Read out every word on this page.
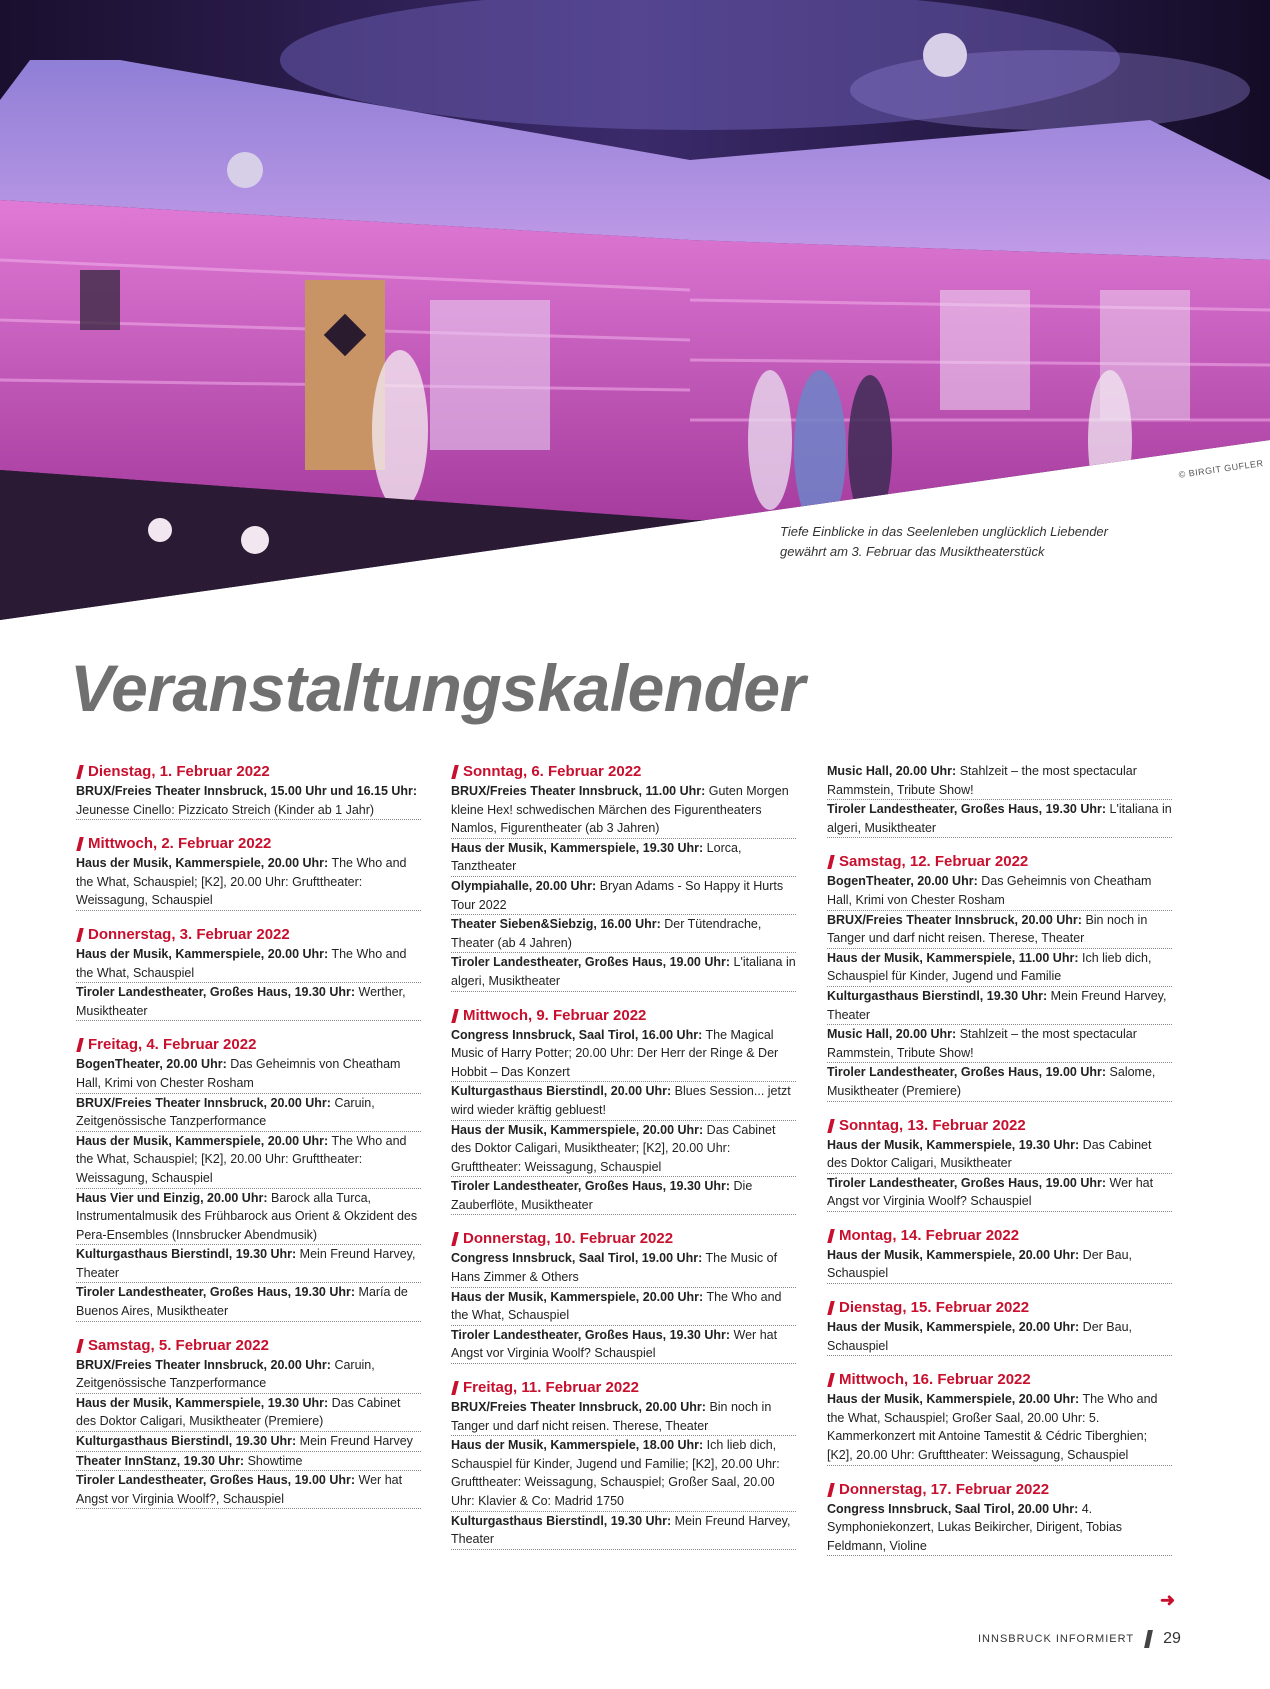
© BIRGIT GUFLER
Tiefe Einblicke in das Seelenleben unglücklich Liebender gewährt am 3. Februar das Musiktheaterstück
Veranstaltungskalender
Dienstag, 1. Februar 2022
BRUX/Freies Theater Innsbruck, 15.00 Uhr und 16.15 Uhr: Jeunesse Cinello: Pizzicato Streich (Kinder ab 1 Jahr)
Mittwoch, 2. Februar 2022
Haus der Musik, Kammerspiele, 20.00 Uhr: The Who and the What, Schauspiel; [K2], 20.00 Uhr: Grufttheater: Weissagung, Schauspiel
Donnerstag, 3. Februar 2022
Haus der Musik, Kammerspiele, 20.00 Uhr: The Who and the What, Schauspiel
Tiroler Landestheater, Großes Haus, 19.30 Uhr: Werther, Musiktheater
Freitag, 4. Februar 2022
BogenTheater, 20.00 Uhr: Das Geheimnis von Cheatham Hall, Krimi von Chester Rosham
BRUX/Freies Theater Innsbruck, 20.00 Uhr: Caruin, Zeitgenössische Tanzperformance
Haus der Musik, Kammerspiele, 20.00 Uhr: The Who and the What, Schauspiel; [K2], 20.00 Uhr: Grufttheater: Weissagung, Schauspiel
Haus Vier und Einzig, 20.00 Uhr: Barock alla Turca, Instrumentalmusik des Frühbarock aus Orient & Okzident des Pera-Ensembles (Innsbrucker Abendmusik)
Kulturgasthaus Bierstindl, 19.30 Uhr: Mein Freund Harvey, Theater
Tiroler Landestheater, Großes Haus, 19.30 Uhr: María de Buenos Aires, Musiktheater
Samstag, 5. Februar 2022
BRUX/Freies Theater Innsbruck, 20.00 Uhr: Caruin, Zeitgenössische Tanzperformance
Haus der Musik, Kammerspiele, 19.30 Uhr: Das Cabinet des Doktor Caligari, Musiktheater (Premiere)
Kulturgasthaus Bierstindl, 19.30 Uhr: Mein Freund Harvey
Theater InnStanz, 19.30 Uhr: Showtime
Tiroler Landestheater, Großes Haus, 19.00 Uhr: Wer hat Angst vor Virginia Woolf?, Schauspiel
Sonntag, 6. Februar 2022
BRUX/Freies Theater Innsbruck, 11.00 Uhr: Guten Morgen kleine Hex! schwedischen Märchen des Figurentheaters Namlos, Figurentheater (ab 3 Jahren)
Haus der Musik, Kammerspiele, 19.30 Uhr: Lorca, Tanztheater
Olympiahalle, 20.00 Uhr: Bryan Adams - So Happy it Hurts Tour 2022
Theater Sieben&Siebzig, 16.00 Uhr: Der Tütendrache, Theater (ab 4 Jahren)
Tiroler Landestheater, Großes Haus, 19.00 Uhr: L'italiana in algeri, Musiktheater
Mittwoch, 9. Februar 2022
Congress Innsbruck, Saal Tirol, 16.00 Uhr: The Magical Music of Harry Potter; 20.00 Uhr: Der Herr der Ringe & Der Hobbit – Das Konzert
Kulturgasthaus Bierstindl, 20.00 Uhr: Blues Session... jetzt wird wieder kräftig gebluest!
Haus der Musik, Kammerspiele, 20.00 Uhr: Das Cabinet des Doktor Caligari, Musiktheater; [K2], 20.00 Uhr: Grufttheater: Weissagung, Schauspiel
Tiroler Landestheater, Großes Haus, 19.30 Uhr: Die Zauberflöte, Musiktheater
Donnerstag, 10. Februar 2022
Congress Innsbruck, Saal Tirol, 19.00 Uhr: The Music of Hans Zimmer & Others
Haus der Musik, Kammerspiele, 20.00 Uhr: The Who and the What, Schauspiel
Tiroler Landestheater, Großes Haus, 19.30 Uhr: Wer hat Angst vor Virginia Woolf? Schauspiel
Freitag, 11. Februar 2022
BRUX/Freies Theater Innsbruck, 20.00 Uhr: Bin noch in Tanger und darf nicht reisen. Therese, Theater
Haus der Musik, Kammerspiele, 18.00 Uhr: Ich lieb dich, Schauspiel für Kinder, Jugend und Familie; [K2], 20.00 Uhr: Grufttheater: Weissagung, Schauspiel; Großer Saal, 20.00 Uhr: Klavier & Co: Madrid 1750
Kulturgasthaus Bierstindl, 19.30 Uhr: Mein Freund Harvey, Theater
Music Hall, 20.00 Uhr: Stahlzeit – the most spectacular Rammstein, Tribute Show!
Tiroler Landestheater, Großes Haus, 19.30 Uhr: L'italiana in algeri, Musiktheater
Samstag, 12. Februar 2022
BogenTheater, 20.00 Uhr: Das Geheimnis von Cheatham Hall, Krimi von Chester Rosham
BRUX/Freies Theater Innsbruck, 20.00 Uhr: Bin noch in Tanger und darf nicht reisen. Therese, Theater
Haus der Musik, Kammerspiele, 11.00 Uhr: Ich lieb dich, Schauspiel für Kinder, Jugend und Familie
Kulturgasthaus Bierstindl, 19.30 Uhr: Mein Freund Harvey, Theater
Music Hall, 20.00 Uhr: Stahlzeit – the most spectacular Rammstein, Tribute Show!
Tiroler Landestheater, Großes Haus, 19.00 Uhr: Salome, Musiktheater (Premiere)
Sonntag, 13. Februar 2022
Haus der Musik, Kammerspiele, 19.30 Uhr: Das Cabinet des Doktor Caligari, Musiktheater
Tiroler Landestheater, Großes Haus, 19.00 Uhr: Wer hat Angst vor Virginia Woolf? Schauspiel
Montag, 14. Februar 2022
Haus der Musik, Kammerspiele, 20.00 Uhr: Der Bau, Schauspiel
Dienstag, 15. Februar 2022
Haus der Musik, Kammerspiele, 20.00 Uhr: Der Bau, Schauspiel
Mittwoch, 16. Februar 2022
Haus der Musik, Kammerspiele, 20.00 Uhr: The Who and the What, Schauspiel; Großer Saal, 20.00 Uhr: 5. Kammerkonzert mit Antoine Tamestit & Cédric Tiberghien; [K2], 20.00 Uhr: Grufttheater: Weissagung, Schauspiel
Donnerstag, 17. Februar 2022
Congress Innsbruck, Saal Tirol, 20.00 Uhr: 4. Symphoniekonzert, Lukas Beikircher, Dirigent, Tobias Feldmann, Violine
➜
INNSBRUCK INFORMIERT 29
